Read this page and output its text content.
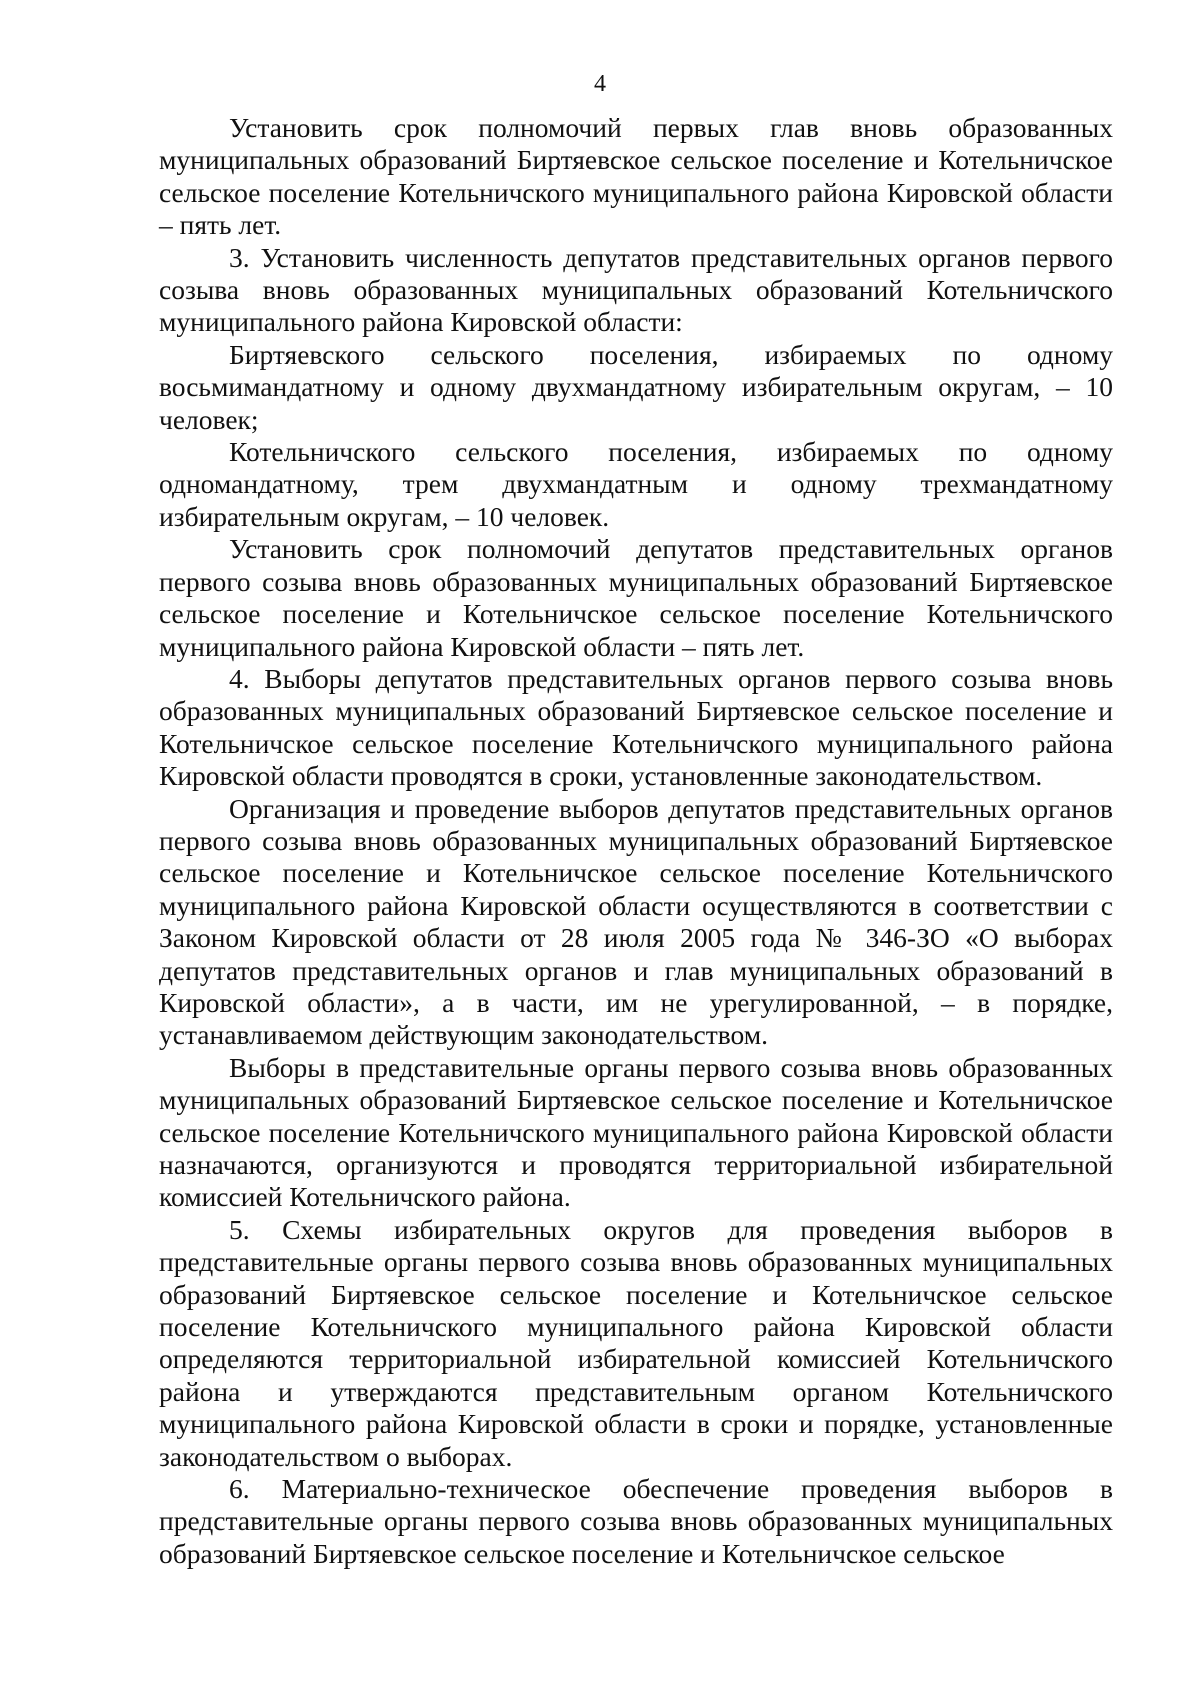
4

Установить срок полномочий первых глав вновь образованных муниципальных образований Биртяевское сельское поселение и Котельничское сельское поселение Котельничского муниципального района Кировской области – пять лет.

3. Установить численность депутатов представительных органов первого созыва вновь образованных муниципальных образований Котельничского муниципального района Кировской области:

Биртяевского сельского поселения, избираемых по одному восьмимандатному и одному двухмандатному избирательным округам, – 10 человек;

Котельничского сельского поселения, избираемых по одному одномандатному, трем двухмандатным и одному трехмандатному избирательным округам, – 10 человек.

Установить срок полномочий депутатов представительных органов первого созыва вновь образованных муниципальных образований Биртяевское сельское поселение и Котельничское сельское поселение Котельничского муниципального района Кировской области – пять лет.

4. Выборы депутатов представительных органов первого созыва вновь образованных муниципальных образований Биртяевское сельское поселение и Котельничское сельское поселение Котельничского муниципального района Кировской области проводятся в сроки, установленные законодательством.

Организация и проведение выборов депутатов представительных органов первого созыва вновь образованных муниципальных образований Биртяевское сельское поселение и Котельничское сельское поселение Котельничского муниципального района Кировской области осуществляются в соответствии с Законом Кировской области от 28 июля 2005 года № 346-ЗО «О выборах депутатов представительных органов и глав муниципальных образований в Кировской области», а в части, им не урегулированной, – в порядке, устанавливаемом действующим законодательством.

Выборы в представительные органы первого созыва вновь образованных муниципальных образований Биртяевское сельское поселение и Котельничское сельское поселение Котельничского муниципального района Кировской области назначаются, организуются и проводятся территориальной избирательной комиссией Котельничского района.

5. Схемы избирательных округов для проведения выборов в представительные органы первого созыва вновь образованных муниципальных образований Биртяевское сельское поселение и Котельничское сельское поселение Котельничского муниципального района Кировской области определяются территориальной избирательной комиссией Котельничского района и утверждаются представительным органом Котельничского муниципального района Кировской области в сроки и порядке, установленные законодательством о выборах.

6. Материально-техническое обеспечение проведения выборов в представительные органы первого созыва вновь образованных муниципальных образований Биртяевское сельское поселение и Котельничское сельское
